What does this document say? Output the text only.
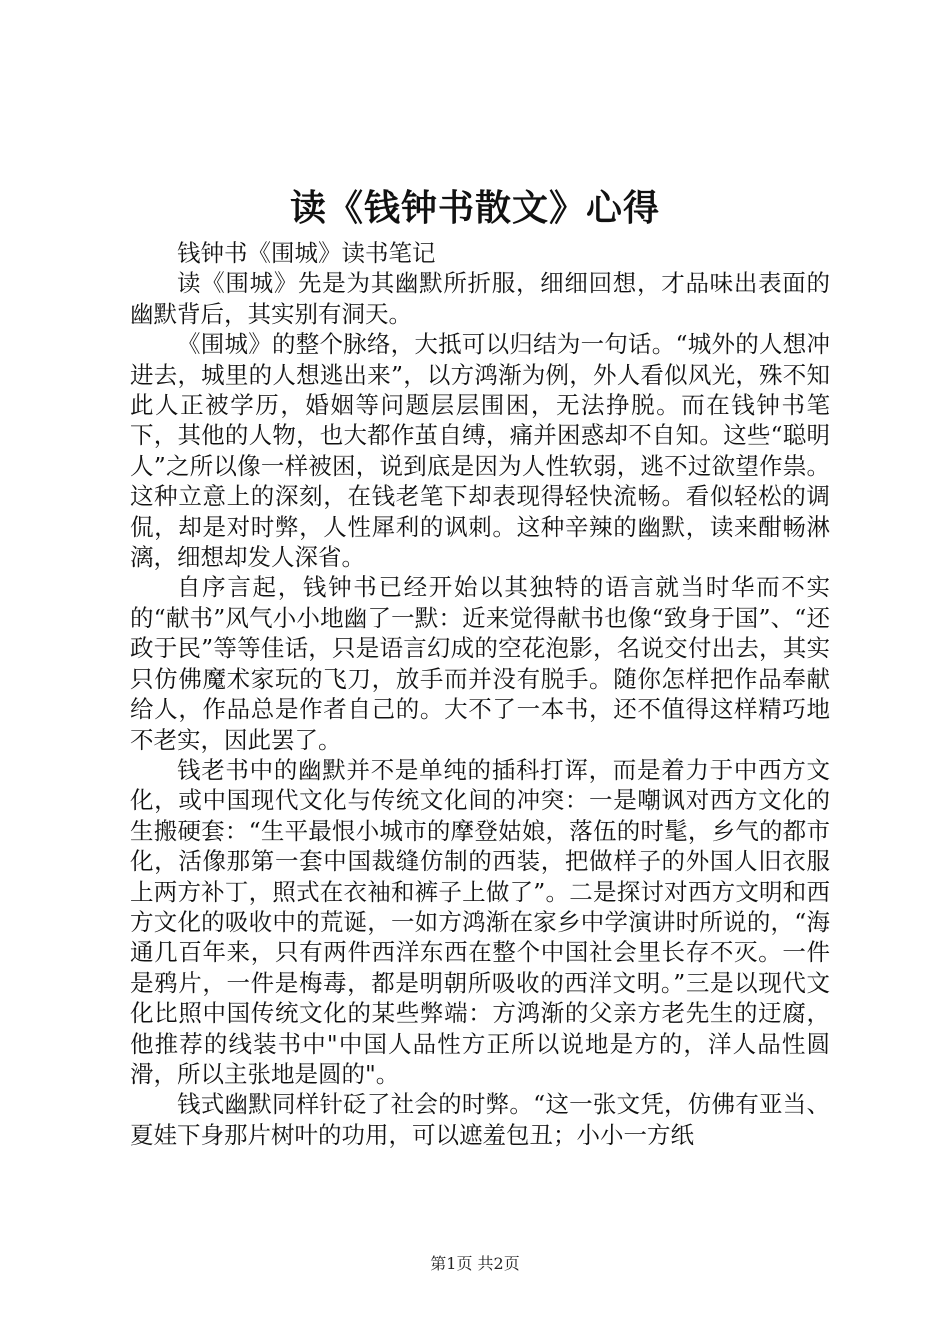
读《钱钟书散文》心得

钱钟书《围城》读书笔记

读《围城》先是为其幽默所折服，细细回想，才品味出表面的幽默背后，其实别有洞天。

《围城》的整个脉络，大抵可以归结为一句话。“城外的人想冲进去，城里的人想逃出来”，以方鸿渐为例，外人看似风光，殊不知此人正被学历，婚姻等问题层层围困，无法挣脱。而在钱钟书笔下，其他的人物，也大都作茧自缚，痛并困惑却不自知。这些“聪明人”之所以像一样被困，说到底是因为人性软弱，逃不过欲望作祟。这种立意上的深刻，在钱老笔下却表现得轻快流畅。看似轻松的调侃，却是对时弊，人性犀利的讽刺。这种辛辣的幽默，读来酣畅淋漓，细想却发人深省。

自序言起，钱钟书已经开始以其独特的语言就当时华而不实的“献书”风气小小地幽了一默：近来觉得献书也像“致身于国”、“还政于民”等等佳话，只是语言幻成的空花泡影，名说交付出去，其实只仿佛魔术家玩的飞刀，放手而并没有脱手。随你怎样把作品奉献给人，作品总是作者自己的。大不了一本书，还不值得这样精巧地不老实，因此罢了。

钱老书中的幽默并不是单纯的插科打诨，而是着力于中西方文化，或中国现代文化与传统文化间的冲突：一是嘲讽对西方文化的生搬硬套：“生平最恨小城市的摩登姑娘，落伍的时髦，乡气的都市化，活像那第一套中国裁缝仿制的西装，把做样子的外国人旧衣服上两方补丁，照式在衣袖和裤子上做了”。二是探讨对西方文明和西方文化的吸收中的荒诞，一如方鸿渐在家乡中学演讲时所说的，“海通几百年来，只有两件西洋东西在整个中国社会里长存不灭。一件是鸦片，一件是梅毒，都是明朝所吸收的西洋文明。”三是以现代文化比照中国传统文化的某些弊端：方鸿渐的父亲方老先生的迂腐，他推荐的线装书中"中国人品性方正所以说地是方的，洋人品性圆滑，所以主张地是圆的"。

钱式幽默同样针砭了社会的时弊。“这一张文凭，仿佛有亚当、夏娃下身那片树叶的功用，可以遮羞包丑；小小一方纸

第1页 共2页
